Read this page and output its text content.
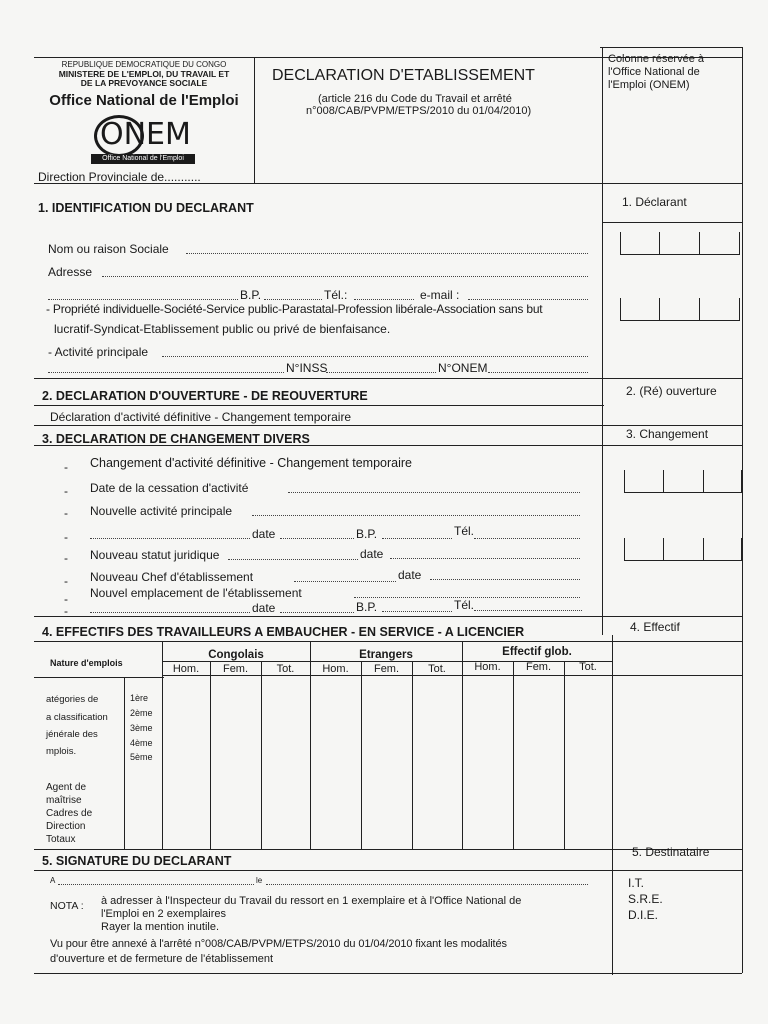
REPUBLIQUE DEMOCRATIQUE DU CONGO
MINISTERE DE L'EMPLOI, DU TRAVAIL ET
DE LA PREVOYANCE SOCIALE
Office National de l'Emploi
ONEM
Office National de l'Emploi
Direction Provinciale de...........
DECLARATION D'ETABLISSEMENT
(article 216 du Code du Travail et arrêté
n°008/CAB/PVPM/ETPS/2010 du 01/04/2010)
Colonne réservée à
l'Office National de
l'Emploi (ONEM)
1. IDENTIFICATION DU DECLARANT	1. Déclarant
Nom ou raison Sociale
Adresse
B.P.	Tél.:	e-mail :
- Propriété individuelle-Société-Service public-Parastatal-Profession libérale-Association sans but
lucratif-Syndicat-Etablissement public ou privé de bienfaisance.
- Activité principale
N°INSS	N°ONEM
2. DECLARATION D'OUVERTURE - DE REOUVERTURE	2. (Ré) ouverture
Déclaration d'activité définitive - Changement temporaire
3. DECLARATION DE CHANGEMENT DIVERS	3. Changement
- Changement d'activité définitive - Changement temporaire
- Date de la cessation d'activité
- Nouvelle activité principale
-	date	B.P.	Tél.
- Nouveau statut juridique	date
- Nouveau Chef d'établissement	date
- Nouvel emplacement de l'établissement
-	date	B.P.	Tél.
4. EFFECTIFS DES TRAVAILLEURS A EMBAUCHER - EN SERVICE - A LICENCIER	4. Effectif
Nature d'emplois
Congolais	Etrangers	Effectif glob.
Hom.	Fem.	Tot.	Hom.	Fem.	Tot.	Hom.	Fem.	Tot.
atégories de
a classification
jénérale des
mplois.
1ère
2ème
3ème
4ème
5ème
Agent de
maîtrise
Cadres de
Direction
Totaux
5. SIGNATURE DU DECLARANT
5. Destinataire
A	le
NOTA : à adresser à l'Inspecteur du Travail du ressort en 1 exemplaire et à l'Office National de
l'Emploi en 2 exemplaires
Rayer la mention inutile.
Vu pour être annexé à l'arrêté n°008/CAB/PVPM/ETPS/2010 du 01/04/2010 fixant les modalités
d'ouverture et de fermeture de l'établissement
I.T.
S.R.E.
D.I.E.
